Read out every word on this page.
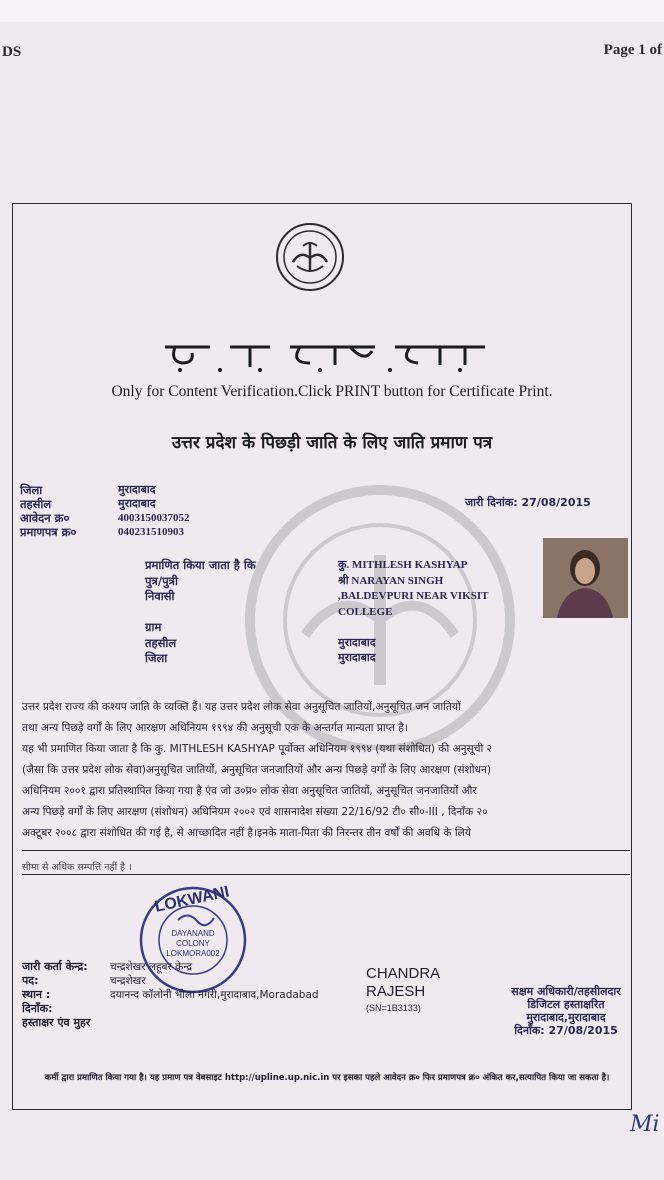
DS	Page 1 of
Only for Content Verification.Click PRINT button for Certificate Print.
उत्तर प्रदेश के पिछड़ी जाति के लिए जाति प्रमाण पत्र
जिला
तहसील
आवेदन क्र०
प्रमाणपत्र क्र०
मुरादाबाद
मुरादाबाद
4003150037052
040231510903
जारी दिनांक: 27/08/2015
प्रमाणित किया जाता है कि
पुत्र/पुत्री
निवासी
ग्राम
तहसील
जिला
कु. MITHLESH KASHYAP
श्री NARAYAN SINGH
,BALDEVPURI NEAR VIKSIT
COLLEGE
मुरादाबाद
मुरादाबाद

उत्तर प्रदेश राज्य की कश्यप जाति के व्यक्ति हैं। यह उत्तर प्रदेश लोक सेवा अनुसूचित जातियों,अनुसूचित जन जातियों

तथा अन्य पिछड़े वर्गों के लिए आरक्षण अधिनियम १९९४ की अनुसूची एक के अन्तर्गत मान्यता प्राप्त है।

यह भी प्रमाणित किया जाता है कि कु. MITHLESH KASHYAP पूर्वोक्त अधिनियम १९९४ (यथा संशोधित) की अनुसूची २

(जैसा कि उत्तर प्रदेश लोक सेवा)अनुसूचित जातियों, अनुसूचित जनजातियों और अन्य पिछड़े वर्गों के लिए आरक्षण (संशोधन)

अधिनियम २००१ द्वारा प्रतिस्थापित किया गया है एंव जो उ०प्र० लोक सेवा अनुसूचित जातियों, अनुसूचित जनजातियों और

अन्य पिछड़े वर्गों के लिए आरक्षण (संशोधन) अधिनियम २००२ एवं शासनादेश संख्या 22/16/92 टी० सी०-III , दिनाँक २०

अक्टूबर २००८ द्वारा संशोधित की गई है, से आच्छादित नहीं है।इनके माता-पिता की निरन्तर तीन वर्षों की अवधि के लिये

सीमा से अधिक सम्पत्ति नहीं है ।
LOKWANI
DAYANAND
COLONY
LOKMORA002
जारी कर्ता केन्द्र:
पद:
स्थान :
दिनाँक:
हस्ताक्षर एंव मुहर
चन्द्रशेखर लहूबर केन्द्र
चन्द्रशेखर
दयानन्द कॉलोनी भोला नगरी,मुरादाबाद,Moradabad
CHANDRA
RAJESH
(SN=1B3133)
सक्षम अधिकारी/तहसीलदार
डिजिटल हस्ताक्षरित
मुरादाबाद,मुरादाबाद
दिनाँक: 27/08/2015
कर्मी द्वारा प्रमाणित किया गया है। यह प्रमाण पत्र वेबसाइट http://upline.up.nic.in पर इसका पहले आवेदन क्र० फिर प्रमाणपत्र क्र० अंकित कर,सत्यापित किया जा सकता है।
Mi
